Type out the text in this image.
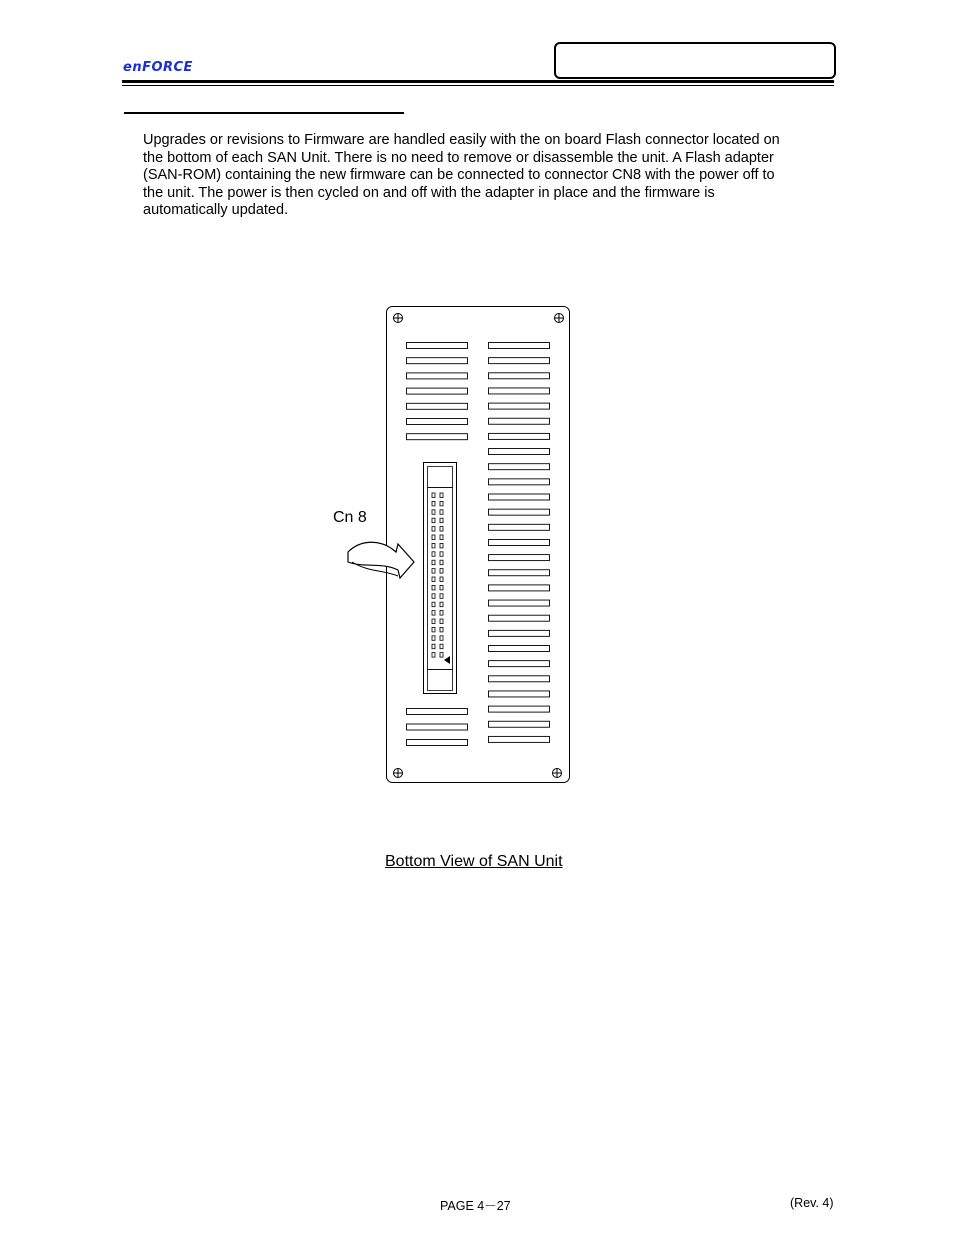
enFORCE
Upgrades or revisions to Firmware are handled easily with the on board Flash connector located on
the bottom of each SAN Unit. There is no need to remove or disassemble the unit. A Flash adapter
(SAN-ROM) containing the new firmware can be connected to connector CN8 with the power off to
the unit. The power is then cycled on and off with the adapter in place and the firmware is
automatically updated.
Cn 8
Bottom View of SAN Unit
PAGE 4－27	(Rev. 4)
